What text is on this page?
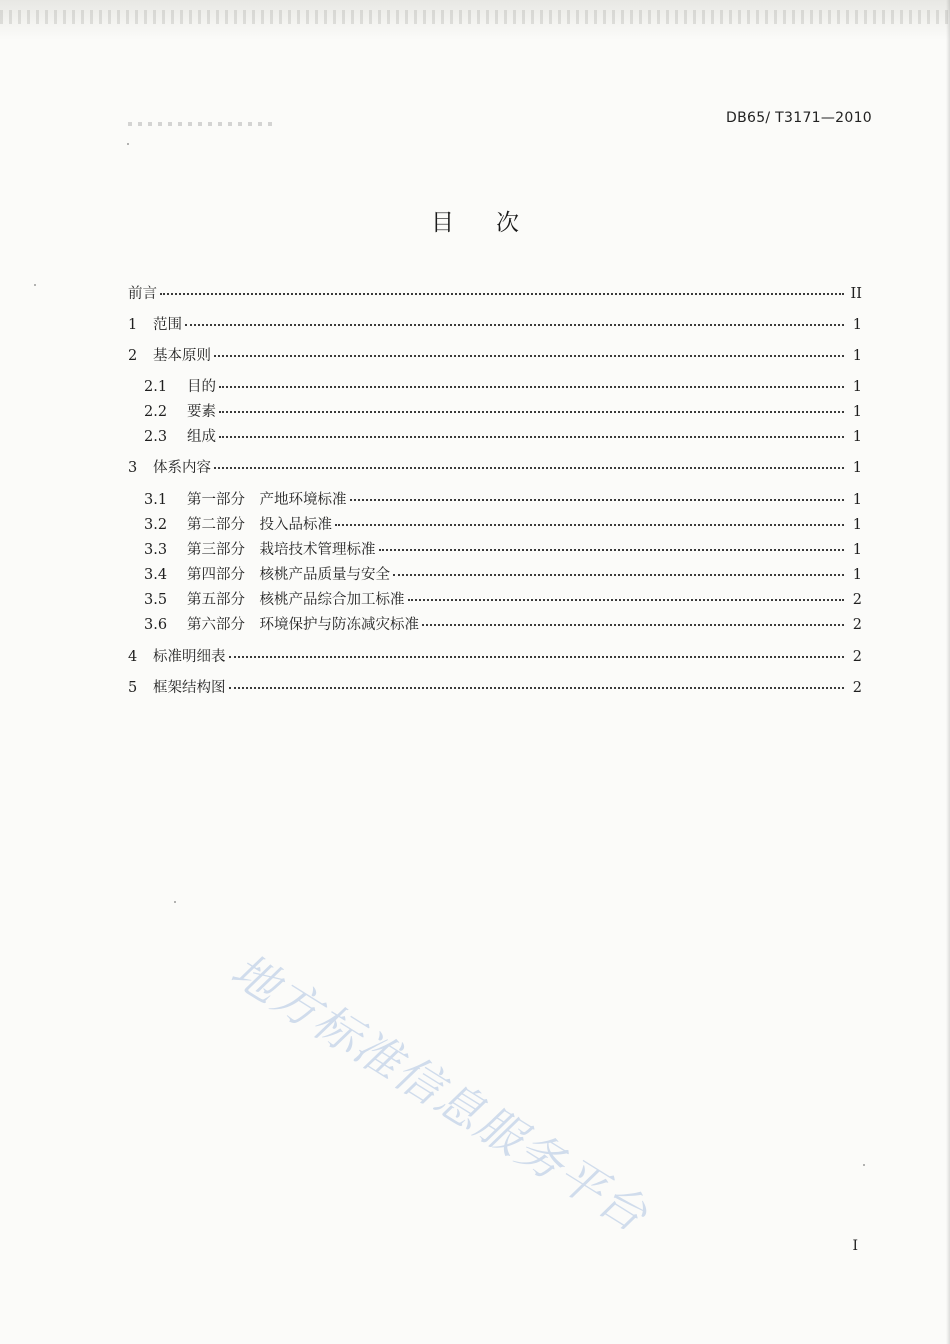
DB65/ T3171—2010
目 次
前言	II
1	范围	1
2	基本原则	1
2.1	目的	1
2.2	要素	1
2.3	组成	1
3	体系内容	1
3.1	第一部分　产地环境标准	1
3.2	第二部分　投入品标准	1
3.3	第三部分　栽培技术管理标准	1
3.4	第四部分　核桃产品质量与安全	1
3.5	第五部分　核桃产品综合加工标准	2
3.6	第六部分　环境保护与防冻减灾标准	2
4	标准明细表	2
5	框架结构图	2
地方标准信息服务平台
I
